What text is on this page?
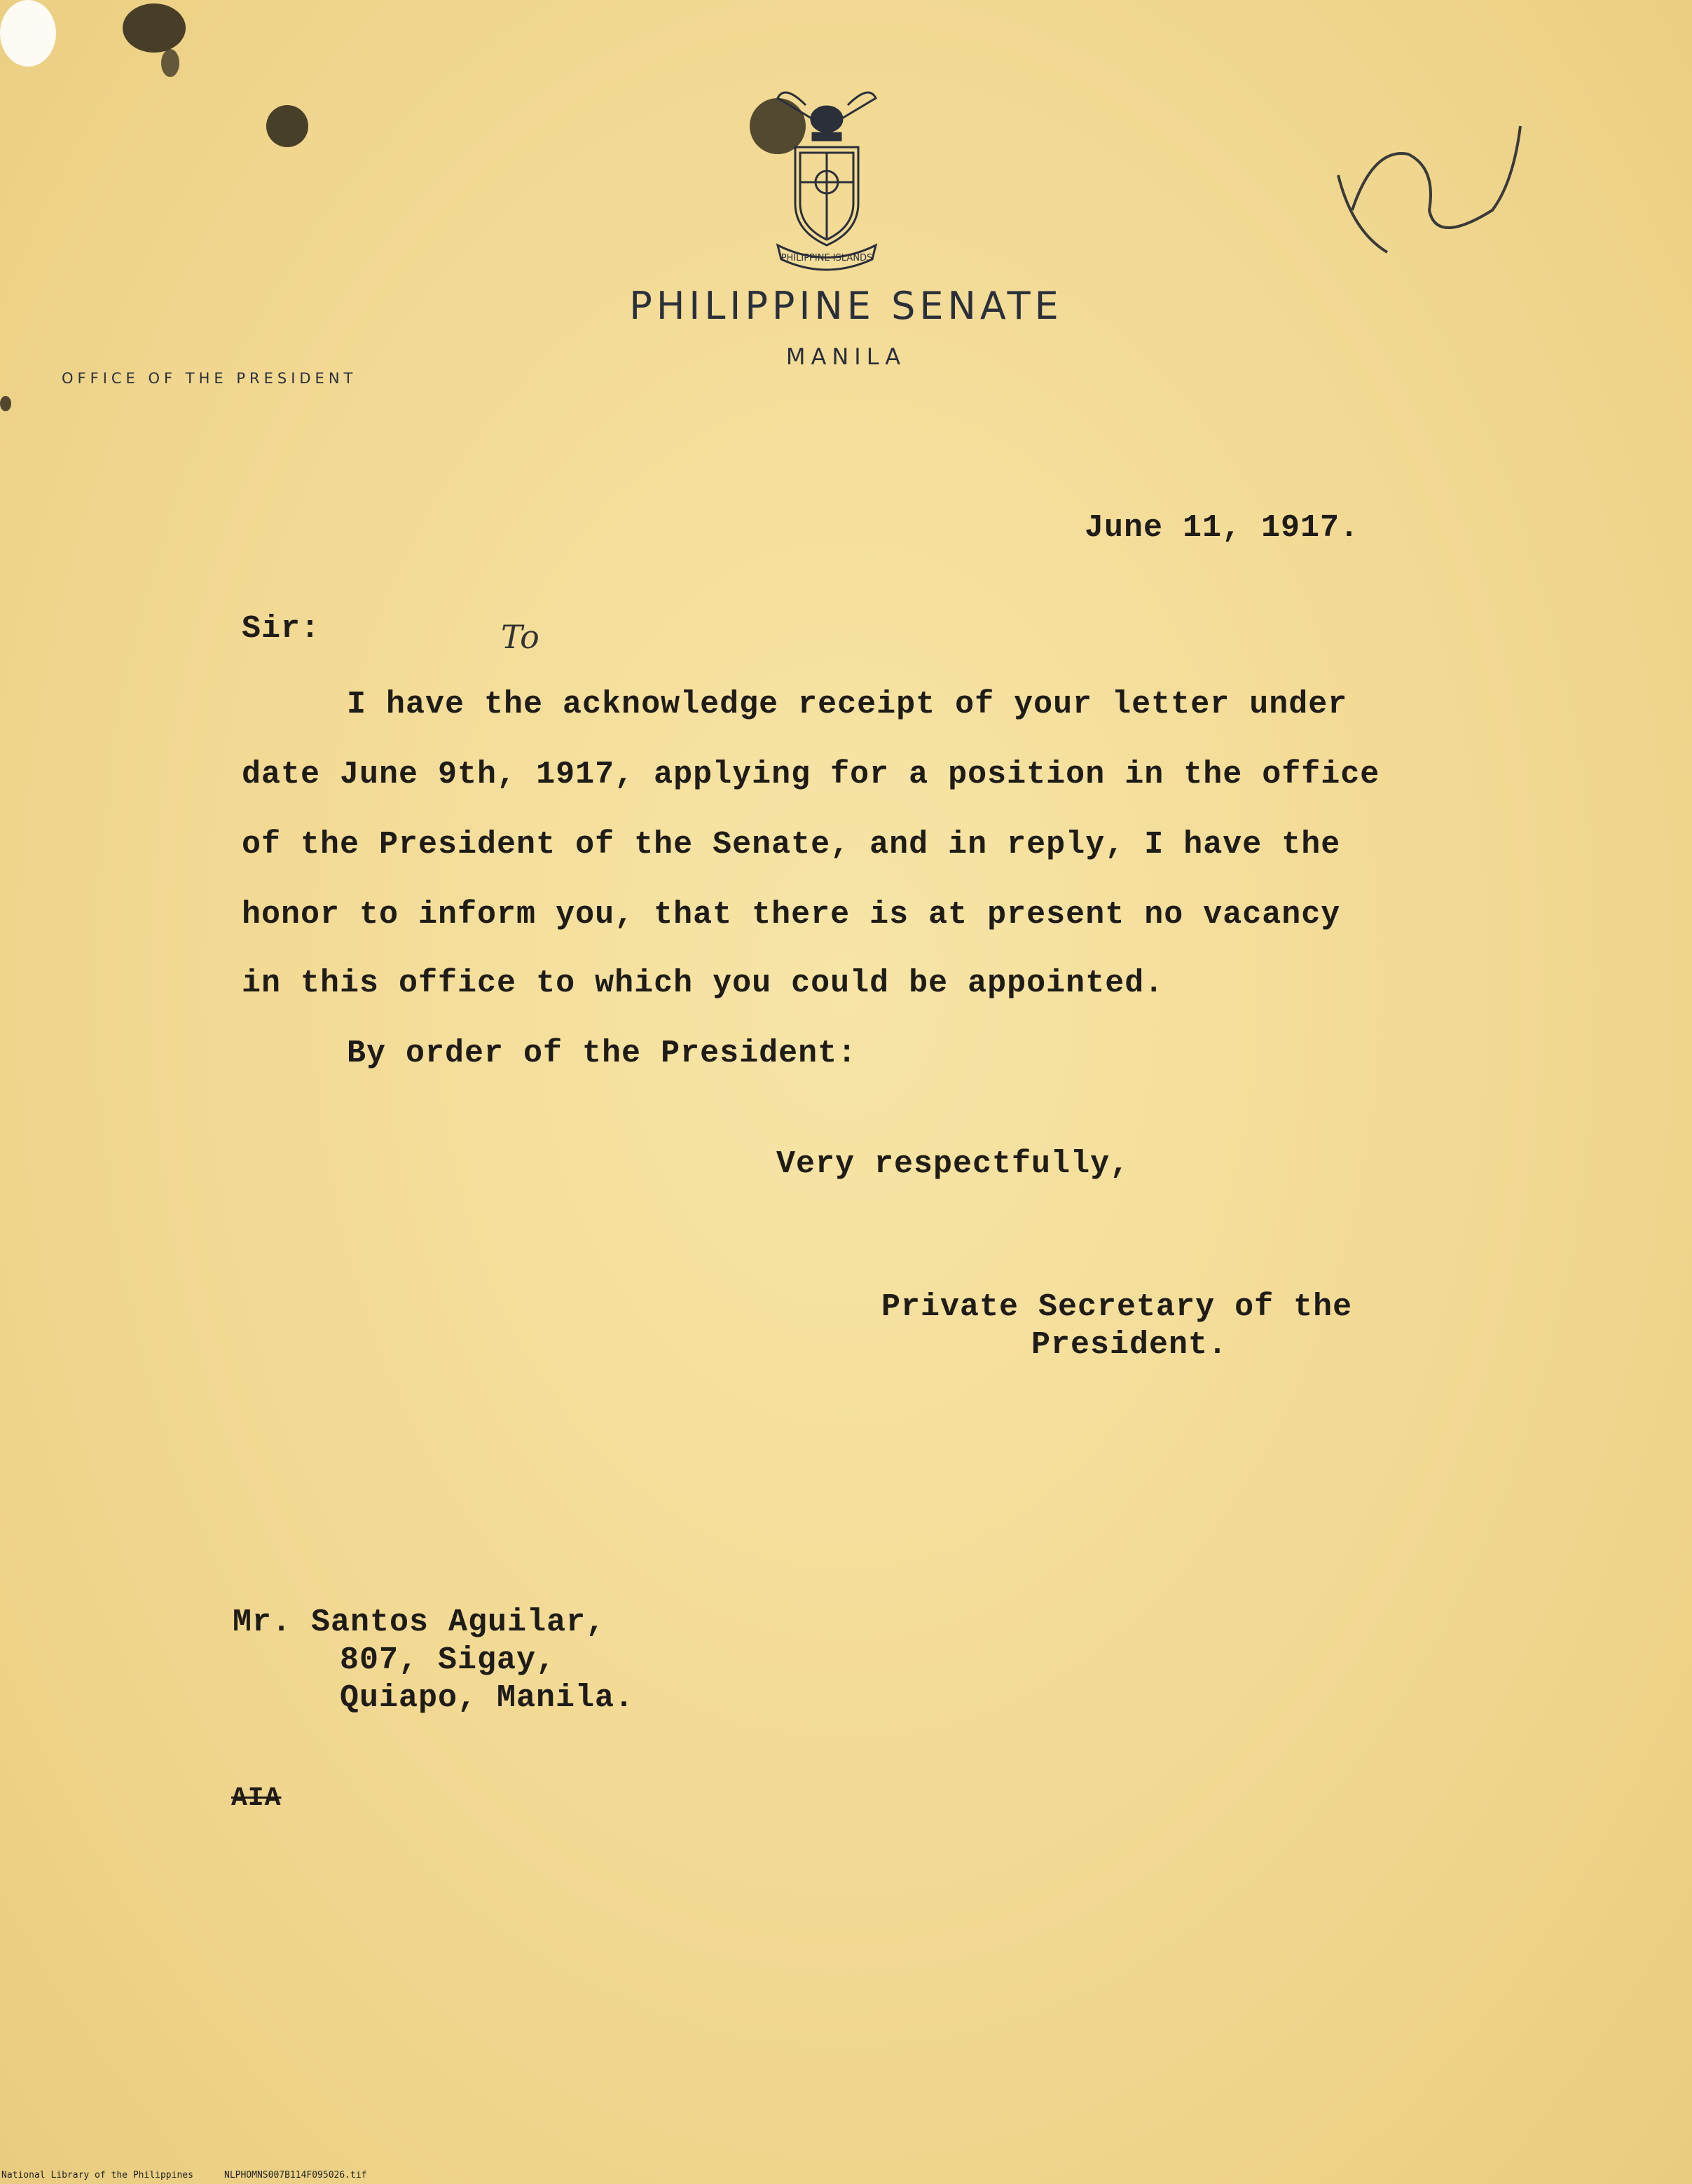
PHILIPPINE ISLANDS
PHILIPPINE SENATE
MANILA
OFFICE OF THE PRESIDENT
June 11, 1917.
Sir:	To
I have the acknowledge receipt of your letter under
date June 9th, 1917, applying for a position in the office
of the President of the Senate, and in reply, I have the
honor to inform you, that there is at present no vacancy
in this office to which you could be appointed.
By order of the President:
Very respectfully,
Private Secretary of the
President.
Mr. Santos Aguilar,
807, Sigay,
Quiapo, Manila.
AIA
National Library of the Philippines	NLPHOMNS007B114F095026.tif
